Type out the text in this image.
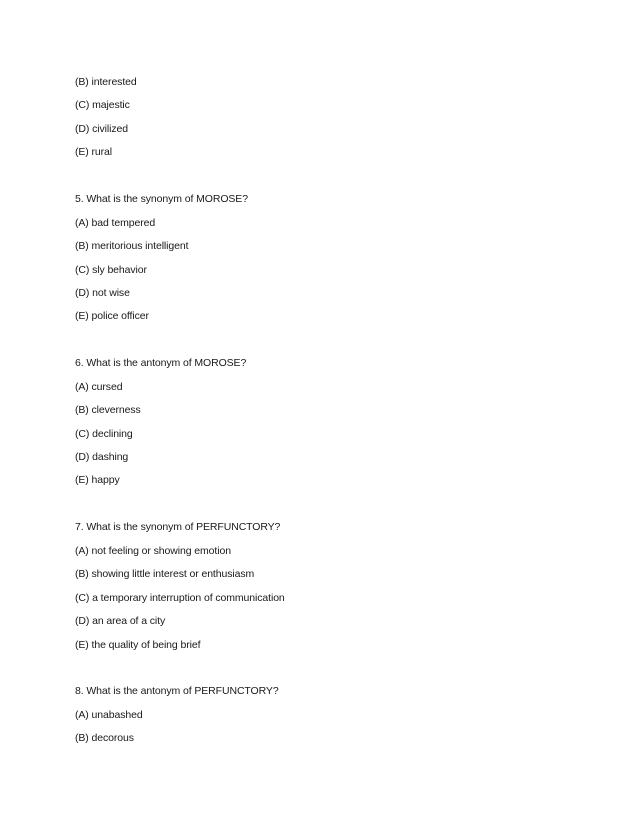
(B) interested
(C) majestic
(D) civilized
(E) rural
5. What is the synonym of MOROSE?
(A) bad tempered
(B) meritorious intelligent
(C) sly behavior
(D) not wise
(E) police officer
6. What is the antonym of MOROSE?
(A) cursed
(B) cleverness
(C) declining
(D) dashing
(E) happy
7. What is the synonym of PERFUNCTORY?
(A) not feeling or showing emotion
(B) showing little interest or enthusiasm
(C) a temporary interruption of communication
(D) an area of a city
(E) the quality of being brief
8. What is the antonym of PERFUNCTORY?
(A) unabashed
(B) decorous
